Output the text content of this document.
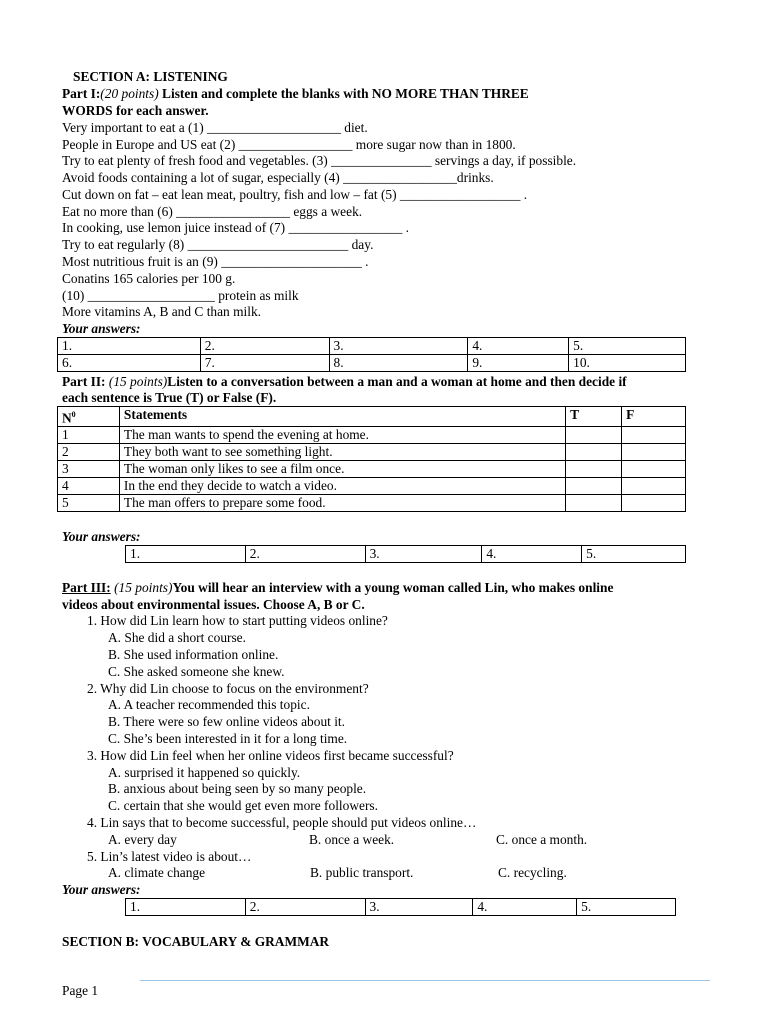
SECTION A: LISTENING
Part I:(20 points) Listen and complete the blanks with NO MORE THAN THREE
WORDS for each answer.
Very important to eat a (1) ____________________ diet.
People in Europe and US eat (2) _________________ more sugar now than in 1800.
Try to eat plenty of fresh food and vegetables. (3) _______________ servings a day, if possible.
Avoid foods containing a lot of sugar, especially (4) _________________drinks.
Cut down on fat – eat lean meat, poultry, fish and low – fat (5) __________________ .
Eat no more than (6) _________________ eggs a week.
In cooking, use lemon juice instead of (7) _________________ .
Try to eat regularly (8) ________________________ day.
Most nutritious fruit is an (9) _____________________ .
Conatins 165 calories per 100 g.
(10) ___________________ protein as milk
More vitamins A, B and C than milk.
Your answers:
1.	2.	3.	4.	5.
6.	7.	8.	9.	10.
Part II: (15 points)Listen to a conversation between a man and a woman at home and then decide if
each sentence is True (T) or False (F).
$N^0$	Statements	T	F
1	The man wants to spend the evening at home.		
2	They both want to see something light.		
3	The woman only likes to see a film once.		
4	In the end they decide to watch a video.		
5	The man offers to prepare some food.		
Your answers:
1.	2.	3.	4.	5.
Part III: (15 points)You will hear an interview with a young woman called Lin, who makes online
videos about environmental issues. Choose A, B or C.
1. How did Lin learn how to start putting videos online?
A. She did a short course.
B. She used information online.
C. She asked someone she knew.
2. Why did Lin choose to focus on the environment?
A. A teacher recommended this topic.
B. There were so few online videos about it.
C. She’s been interested in it for a long time.
3. How did Lin feel when her online videos first became successful?
A. surprised it happened so quickly.
B. anxious about being seen by so many people.
C. certain that she would get even more followers.
4. Lin says that to become successful, people should put videos online…
A. every day	B. once a week.	C. once a month.
5. Lin’s latest video is about…
A. climate change	B. public transport.	C. recycling.
Your answers:
1.	2.	3.	4.	5.
SECTION B: VOCABULARY & GRAMMAR
Page 1
